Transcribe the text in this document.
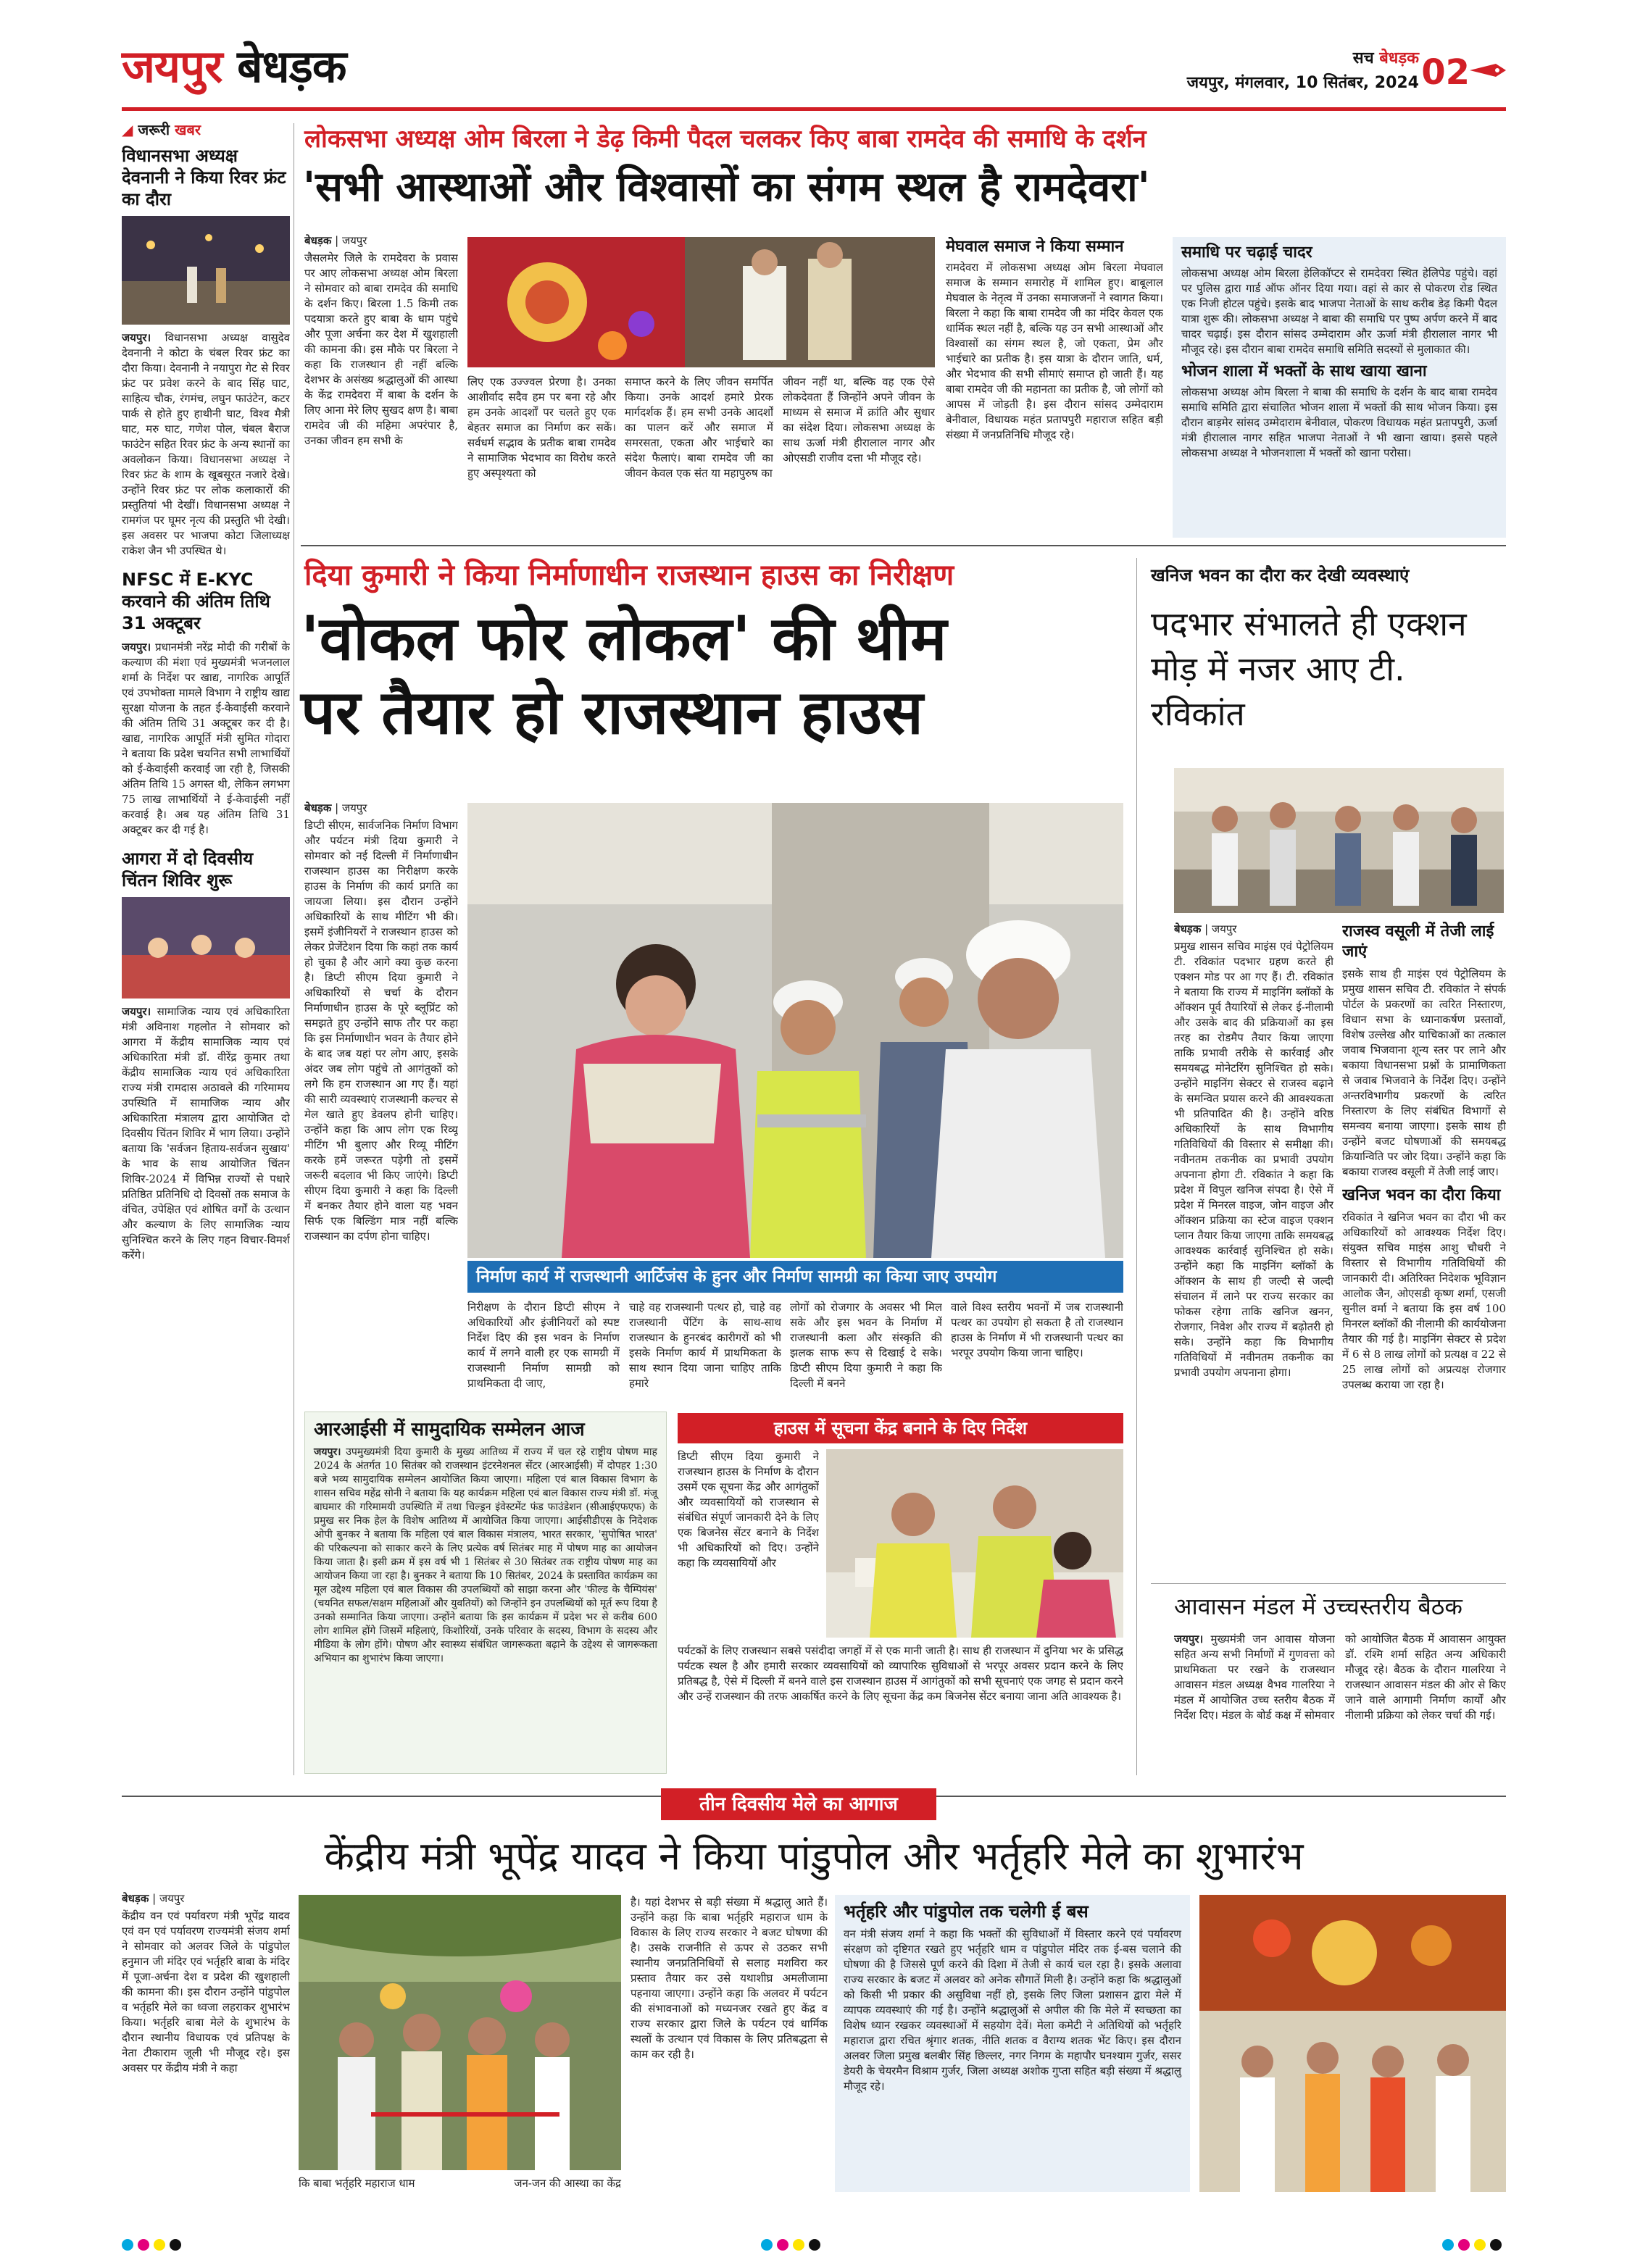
जयपुर बेधड़क	सच बेधड़क
जयपुर, मंगलवार, 10 सितंबर, 2024 02
◢ जरूरी खबर
विधानसभा अध्यक्ष देवनानी ने किया रिवर फ्रंट का दौरा
जयपुर। विधानसभा अध्यक्ष वासुदेव देवनानी ने कोटा के चंबल रिवर फ्रंट का दौरा किया। देवनानी ने नयापुरा गेट से रिवर फ्रंट पर प्रवेश करने के बाद सिंह घाट, साहित्य चौक, रंगमंच, लघुन फाउंटेन, कटर पार्क से होते हुए हाथीनी घाट, विश्व मैत्री घाट, मरु घाट, गणेश पोल, चंबल बैराज फाउंटेन सहित रिवर फ्रंट के अन्य स्थानों का अवलोकन किया। विधानसभा अध्यक्ष ने रिवर फ्रंट के शाम के खूबसूरत नजारे देखे। उन्होंने रिवर फ्रंट पर लोक कलाकारों की प्रस्तुतियां भी देखीं। विधानसभा अध्यक्ष ने रामगंज पर घूमर नृत्य की प्रस्तुति भी देखी। इस अवसर पर भाजपा कोटा जिलाध्यक्ष राकेश जैन भी उपस्थित थे।
NFSC में E-KYC करवाने की अंतिम तिथि 31 अक्टूबर
जयपुर। प्रधानमंत्री नरेंद्र मोदी की गरीबों के कल्याण की मंशा एवं मुख्यमंत्री भजनलाल शर्मा के निर्देश पर खाद्य, नागरिक आपूर्ति एवं उपभोक्ता मामले विभाग ने राष्ट्रीय खाद्य सुरक्षा योजना के तहत ई-केवाईसी करवाने की अंतिम तिथि 31 अक्टूबर कर दी है। खाद्य, नागरिक आपूर्ति मंत्री सुमित गोदारा ने बताया कि प्रदेश चयनित सभी लाभार्थियों को ई-केवाईसी करवाई जा रही है, जिसकी अंतिम तिथि 15 अगस्त थी, लेकिन लगभग 75 लाख लाभार्थियों ने ई-केवाईसी नहीं करवाई है। अब यह अंतिम तिथि 31 अक्टूबर कर दी गई है।
आगरा में दो दिवसीय चिंतन शिविर शुरू
जयपुर। सामाजिक न्याय एवं अधिकारिता मंत्री अविनाश गहलोत ने सोमवार को आगरा में केंद्रीय सामाजिक न्याय एवं अधिकारिता मंत्री डॉ. वीरेंद्र कुमार तथा केंद्रीय सामाजिक न्याय एवं अधिकारिता राज्य मंत्री रामदास अठावले की गरिमामय उपस्थिति में सामाजिक न्याय और अधिकारिता मंत्रालय द्वारा आयोजित दो दिवसीय चिंतन शिविर में भाग लिया। उन्होंने बताया कि 'सर्वजन हिताय-सर्वजन सुखाय' के भाव के साथ आयोजित चिंतन शिविर-2024 में विभिन्न राज्यों से पधारे प्रतिष्ठित प्रतिनिधि दो दिवसों तक समाज के वंचित, उपेक्षित एवं शोषित वर्गों के उत्थान और कल्याण के लिए सामाजिक न्याय सुनिश्चित करने के लिए गहन विचार-विमर्श करेंगे।
लोकसभा अध्यक्ष ओम बिरला ने डेढ़ किमी पैदल चलकर किए बाबा रामदेव की समाधि के दर्शन
'सभी आस्थाओं और विश्वासों का संगम स्थल है रामदेवरा'
बेधड़क | जयपुर
जैसलमेर जिले के रामदेवरा के प्रवास पर आए लोकसभा अध्यक्ष ओम बिरला ने सोमवार को बाबा रामदेव की समाधि के दर्शन किए। बिरला 1.5 किमी तक पदयात्रा करते हुए बाबा के धाम पहुंचे और पूजा अर्चना कर देश में खुशहाली की कामना की। इस मौके पर बिरला ने कहा कि राजस्थान ही नहीं बल्कि देशभर के असंख्य श्रद्धालुओं की आस्था के केंद्र रामदेवरा में बाबा के दर्शन के लिए आना मेरे लिए सुखद क्षण है। बाबा रामदेव जी की महिमा अपरंपार है, उनका जीवन हम सभी के
लिए एक उज्ज्वल प्रेरणा है। उनका आशीर्वाद सदैव हम पर बना रहे और हम उनके आदर्शों पर चलते हुए एक बेहतर समाज का निर्माण कर सकें। सर्वधर्म सद्भाव के प्रतीक बाबा रामदेव ने सामाजिक भेदभाव का विरोध करते हुए अस्पृश्यता को
समाप्त करने के लिए जीवन समर्पित किया। उनके आदर्श हमारे प्रेरक मार्गदर्शक हैं। हम सभी उनके आदर्शों का पालन करें और समाज में समरसता, एकता और भाईचारे का संदेश फैलाएं। बाबा रामदेव जी का जीवन केवल एक संत या महापुरुष का
जीवन नहीं था, बल्कि वह एक ऐसे लोकदेवता हैं जिन्होंने अपने जीवन के माध्यम से समाज में क्रांति और सुधार का संदेश दिया। लोकसभा अध्यक्ष के साथ ऊर्जा मंत्री हीरालाल नागर और ओएसडी राजीव दत्ता भी मौजूद रहे।
मेघवाल समाज ने किया सम्मान
रामदेवरा में लोकसभा अध्यक्ष ओम बिरला मेघवाल समाज के सम्मान समारोह में शामिल हुए। बाबूलाल मेघवाल के नेतृत्व में उनका समाजजनों ने स्वागत किया। बिरला ने कहा कि बाबा रामदेव जी का मंदिर केवल एक धार्मिक स्थल नहीं है, बल्कि यह उन सभी आस्थाओं और विश्वासों का संगम स्थल है, जो एकता, प्रेम और भाईचारे का प्रतीक है। इस यात्रा के दौरान जाति, धर्म, और भेदभाव की सभी सीमाएं समाप्त हो जाती हैं। यह बाबा रामदेव जी की महानता का प्रतीक है, जो लोगों को आपस में जोड़ती है। इस दौरान सांसद उम्मेदाराम बेनीवाल, विधायक महंत प्रतापपुरी महाराज सहित बड़ी संख्या में जनप्रतिनिधि मौजूद रहे।
समाधि पर चढ़ाई चादर
लोकसभा अध्यक्ष ओम बिरला हेलिकॉप्टर से रामदेवरा स्थित हेलिपेड पहुंचे। वहां पर पुलिस द्वारा गार्ड ऑफ ऑनर दिया गया। वहां से कार से पोकरण रोड स्थित एक निजी होटल पहुंचे। इसके बाद भाजपा नेताओं के साथ करीब डेढ़ किमी पैदल यात्रा शुरू की। लोकसभा अध्यक्ष ने बाबा की समाधि पर पुष्प अर्पण करने में बाद चादर चढ़ाई। इस दौरान सांसद उम्मेदाराम और ऊर्जा मंत्री हीरालाल नागर भी मौजूद रहे। इस दौरान बाबा रामदेव समाधि समिति सदस्यों से मुलाकात की।
भोजन शाला में भक्तों के साथ खाया खाना
लोकसभा अध्यक्ष ओम बिरला ने बाबा की समाधि के दर्शन के बाद बाबा रामदेव समाधि समिति द्वारा संचालित भोजन शाला में भक्तों की साथ भोजन किया। इस दौरान बाड़मेर सांसद उम्मेदाराम बेनीवाल, पोकरण विधायक महंत प्रतापपुरी, ऊर्जा मंत्री हीरालाल नागर सहित भाजपा नेताओं ने भी खाना खाया। इससे पहले लोकसभा अध्यक्ष ने भोजनशाला में भक्तों को खाना परोसा।
दिया कुमारी ने किया निर्माणाधीन राजस्थान हाउस का निरीक्षण
'वोकल फोर लोकल' की थीम
पर तैयार हो राजस्थान हाउस
बेधड़क | जयपुर
डिप्टी सीएम, सार्वजनिक निर्माण विभाग और पर्यटन मंत्री दिया कुमारी ने सोमवार को नई दिल्ली में निर्माणाधीन राजस्थान हाउस का निरीक्षण करके हाउस के निर्माण की कार्य प्रगति का जायजा लिया। इस दौरान उन्होंने अधिकारियों के साथ मीटिंग भी की। इसमें इंजीनियरों ने राजस्थान हाउस को लेकर प्रेजेंटेशन दिया कि कहां तक कार्य हो चुका है और आगे क्या कुछ करना है। डिप्टी सीएम दिया कुमारी ने अधिकारियों से चर्चा के दौरान निर्माणाधीन हाउस के पूरे ब्लूप्रिंट को समझते हुए उन्होंने साफ तौर पर कहा कि इस निर्माणाधीन भवन के तैयार होने के बाद जब यहां पर लोग आए, इसके अंदर जब लोग पहुंचे तो आगंतुकों को लगे कि हम राजस्थान आ गए हैं। यहां की सारी व्यवस्थाएं राजस्थानी कल्चर से मेल खाते हुए डेवलप होनी चाहिए। उन्होंने कहा कि आप लोग एक रिव्यू मीटिंग भी बुलाए और रिव्यू मीटिंग करके हमें जरूरत पड़ेगी तो इसमें जरूरी बदलाव भी किए जाएंगे। डिप्टी सीएम दिया कुमारी ने कहा कि दिल्ली में बनकर तैयार होने वाला यह भवन सिर्फ एक बिल्डिंग मात्र नहीं बल्कि राजस्थान का दर्पण होना चाहिए।
निर्माण कार्य में राजस्थानी आर्टिजंस के हुनर और निर्माण सामग्री का किया जाए उपयोग
निरीक्षण के दौरान डिप्टी सीएम ने अधिकारियों और इंजीनियरों को स्पष्ट निर्देश दिए की इस भवन के निर्माण कार्य में लगने वाली हर एक सामग्री में राजस्थानी निर्माण सामग्री को प्राथमिकता दी जाए,
चाहे वह राजस्थानी पत्थर हो, चाहे वह राजस्थानी पेंटिंग के साथ-साथ राजस्थान के हुनरबंद कारीगरों को भी इसके निर्माण कार्य में प्राथमिकता के साथ स्थान दिया जाना चाहिए ताकि हमारे
लोगों को रोजगार के अवसर भी मिल सके और इस भवन के निर्माण में राजस्थानी कला और संस्कृति की झलक साफ रूप से दिखाई दे सके। डिप्टी सीएम दिया कुमारी ने कहा कि दिल्ली में बनने
वाले विश्व स्तरीय भवनों में जब राजस्थानी पत्थर का उपयोग हो सकता है तो राजस्थान हाउस के निर्माण में भी राजस्थानी पत्थर का भरपूर उपयोग किया जाना चाहिए।
आरआईसी में सामुदायिक सम्मेलन आज
जयपुर। उपमुख्यमंत्री दिया कुमारी के मुख्य आतिथ्य में राज्य में चल रहे राष्ट्रीय पोषण माह 2024 के अंतर्गत 10 सितंबर को राजस्थान इंटरनेशनल सेंटर (आरआईसी) में दोपहर 1:30 बजे भव्य सामुदायिक सम्मेलन आयोजित किया जाएगा। महिला एवं बाल विकास विभाग के शासन सचिव महेंद्र सोनी ने बताया कि यह कार्यक्रम महिला एवं बाल विकास राज्य मंत्री डॉ. मंजू बाघमार की गरिमामयी उपस्थिति में तथा चिल्ड्रन इंवेस्टमेंट फंड फाउंडेशन (सीआईएफएफ) के प्रमुख सर निक हेल के विशेष आतिथ्य में आयोजित किया जाएगा। आईसीडीएस के निदेशक ओपी बुनकर ने बताया कि महिला एवं बाल विकास मंत्रालय, भारत सरकार, 'सुपोषित भारत' की परिकल्पना को साकार करने के लिए प्रत्येक वर्ष सितंबर माह में पोषण माह का आयोजन किया जाता है। इसी क्रम में इस वर्ष भी 1 सितंबर से 30 सितंबर तक राष्ट्रीय पोषण माह का आयोजन किया जा रहा है। बुनकर ने बताया कि 10 सितंबर, 2024 के प्रस्तावित कार्यक्रम का मूल उद्देश्य महिला एवं बाल विकास की उपलब्धियों को साझा करना और 'फील्ड के चैम्पियंस' (चयनित सफल/सक्षम महिलाओं और युवतियों) को जिन्होंने इन उपलब्धियों को मूर्त रूप दिया है उनको सम्मानित किया जाएगा। उन्होंने बताया कि इस कार्यक्रम में प्रदेश भर से करीब 600 लोग शामिल होंगे जिसमें महिलाएं, किशोरियों, उनके परिवार के सदस्य, विभाग के सदस्य और मीडिया के लोग होंगे। पोषण और स्वास्थ्य संबंधित जागरूकता बढ़ाने के उद्देश्य से जागरूकता अभियान का शुभारंभ किया जाएगा।
हाउस में सूचना केंद्र बनाने के दिए निर्देश
डिप्टी सीएम दिया कुमारी ने राजस्थान हाउस के निर्माण के दौरान उसमें एक सूचना केंद्र और आगंतुकों और व्यवसायियों को राजस्थान से संबंधित संपूर्ण जानकारी देने के लिए एक बिजनेस सेंटर बनाने के निर्देश भी अधिकारियों को दिए। उन्होंने कहा कि व्यवसायियों और
पर्यटकों के लिए राजस्थान सबसे पसंदीदा जगहों में से एक मानी जाती है। साथ ही राजस्थान में दुनिया भर के प्रसिद्ध पर्यटक स्थल है और हमारी सरकार व्यवसायियों को व्यापारिक सुविधाओं से भरपूर अवसर प्रदान करने के लिए प्रतिबद्ध है, ऐसे में दिल्ली में बनने वाले इस राजस्थान हाउस में आगंतुकों को सभी सूचनाएं एक जगह से प्रदान करने और उन्हें राजस्थान की तरफ आकर्षित करने के लिए सूचना केंद्र कम बिजनेस सेंटर बनाया जाना अति आवश्यक है।
खनिज भवन का दौरा कर देखी व्यवस्थाएं
पदभार संभालते ही एक्शन मोड़ में नजर आए टी. रविकांत
बेधड़क | जयपुर
प्रमुख शासन सचिव माइंस एवं पेट्रोलियम टी. रविकांत पदभार ग्रहण करते ही एक्शन मोड पर आ गए हैं। टी. रविकांत ने बताया कि राज्य में माइनिंग ब्लॉकों के ऑक्शन पूर्व तैयारियों से लेकर ई-नीलामी और उसके बाद की प्रक्रियाओं का इस तरह का रोडमैप तैयार किया जाएगा ताकि प्रभावी तरीके से कार्रवाई और समयबद्ध मोनेटरिंग सुनिश्चित हो सके। उन्होंने माइनिंग सेक्टर से राजस्व बढ़ाने के समन्वित प्रयास करने की आवश्यकता भी प्रतिपादित की है। उन्होंने वरिष्ठ अधिकारियों के साथ विभागीय गतिविधियों की विस्तार से समीक्षा की। नवीनतम तकनीक का प्रभावी उपयोग अपनाना होगा टी. रविकांत ने कहा कि प्रदेश में विपुल खनिज संपदा है। ऐसे में प्रदेश में मिनरल वाइज, जोन वाइज और ऑक्शन प्रक्रिया का स्टेज वाइज एक्शन प्लान तैयार किया जाएगा ताकि समयबद्ध आवश्यक कार्रवाई सुनिश्चित हो सके। उन्होंने कहा कि माइनिंग ब्लॉकों के ऑक्शन के साथ ही जल्दी से जल्दी संचालन में लाने पर राज्य सरकार का फोकस रहेगा ताकि खनिज खनन, रोजगार, निवेश और राज्य में बढ़ोतरी हो सके। उन्होंने कहा कि विभागीय गतिविधियों में नवीनतम तकनीक का प्रभावी उपयोग अपनाना होगा।
राजस्व वसूली में तेजी लाई जाएं
इसके साथ ही माइंस एवं पेट्रोलियम के प्रमुख शासन सचिव टी. रविकांत ने संपर्क पोर्टल के प्रकरणों का त्वरित निस्तारण, विधान सभा के ध्यानाकर्षण प्रस्तावों, विशेष उल्लेख और याचिकाओं का तत्काल जवाब भिजवाना शून्य स्तर पर लाने और बकाया विधानसभा प्रश्नों के प्रामाणिकता से जवाब भिजवाने के निर्देश दिए। उन्होंने अन्तरविभागीय प्रकरणों के त्वरित निस्तारण के लिए संबंधित विभागों से समन्वय बनाया जाएगा। इसके साथ ही उन्होंने बजट घोषणाओं की समयबद्ध क्रियान्विति पर जोर दिया। उन्होंने कहा कि बकाया राजस्व वसूली में तेजी लाई जाए।
खनिज भवन का दौरा किया
रविकांत ने खनिज भवन का दौरा भी कर अधिकारियों को आवश्यक निर्देश दिए। संयुक्त सचिव माइंस आशु चौधरी ने विस्तार से विभागीय गतिविधियों की जानकारी दी। अतिरिक्त निदेशक भूविज्ञान आलोक जैन, ओएसडी कृष्ण शर्मा, एसजी सुनील वर्मा ने बताया कि इस वर्ष 100 मिनरल ब्लॉकों की नीलामी की कार्ययोजना तैयार की गई है। माइनिंग सेक्टर से प्रदेश में 6 से 8 लाख लोगों को प्रत्यक्ष व 22 से 25 लाख लोगों को अप्रत्यक्ष रोजगार उपलब्ध कराया जा रहा है।
आवासन मंडल में उच्चस्तरीय बैठक
जयपुर। मुख्यमंत्री जन आवास योजना सहित अन्य सभी निर्माणों में गुणवत्ता को प्राथमिकता पर रखने के राजस्थान आवासन मंडल अध्यक्ष वैभव गालरिया ने मंडल में आयोजित उच्च स्तरीय बैठक में निर्देश दिए। मंडल के बोर्ड कक्ष में सोमवार
को आयोजित बैठक में आवासन आयुक्त डॉ. रश्मि शर्मा सहित अन्य अधिकारी मौजूद रहे। बैठक के दौरान गालरिया ने राजस्थान आवासन मंडल की ओर से किए जाने वाले आगामी निर्माण कार्यों और नीलामी प्रक्रिया को लेकर चर्चा की गई।
तीन दिवसीय मेले का आगाज
केंद्रीय मंत्री भूपेंद्र यादव ने किया पांडुपोल और भर्तृहरि मेले का शुभारंभ
बेधड़क | जयपुर
केंद्रीय वन एवं पर्यावरण मंत्री भूपेंद्र यादव एवं वन एवं पर्यावरण राज्यमंत्री संजय शर्मा ने सोमवार को अलवर जिले के पांडुपोल हनुमान जी मंदिर एवं भर्तृहरि बाबा के मंदिर में पूजा-अर्चना देश व प्रदेश की खुशहाली की कामना की। इस दौरान उन्होंने पांडुपोल व भर्तृहरि मेले का ध्वजा लहराकर शुभारंभ किया। भर्तृहरि बाबा मेले के शुभारंभ के दौरान स्थानीय विधायक एवं प्रतिपक्ष के नेता टीकाराम जूली भी मौजूद रहे। इस अवसर पर केंद्रीय मंत्री ने कहा
कि बाबा भर्तृहरि महाराज धाम	जन-जन की आस्था का केंद्र
है। यहां देशभर से बड़ी संख्या में श्रद्धालु आते हैं। उन्होंने कहा कि बाबा भर्तृहरि महाराज धाम के विकास के लिए राज्य सरकार ने बजट घोषणा की है। उसके राजनीति से ऊपर से उठकर सभी स्थानीय जनप्रतिनिधियों से सलाह मशविरा कर प्रस्ताव तैयार कर उसे यथाशीघ्र अमलीजामा पहनाया जाएगा। उन्होंने कहा कि अलवर में पर्यटन की संभावनाओं को मध्यनजर रखते हुए केंद्र व राज्य सरकार द्वारा जिले के पर्यटन एवं धार्मिक स्थलों के उत्थान एवं विकास के लिए प्रतिबद्धता से काम कर रही है।
भर्तृहरि और पांडुपोल तक चलेगी ई बस
वन मंत्री संजय शर्मा ने कहा कि भक्तों की सुविधाओं में विस्तार करने एवं पर्यावरण संरक्षण को दृष्टिगत रखते हुए भर्तृहरि धाम व पांडुपोल मंदिर तक ई-बस चलाने की घोषणा की है जिससे पूर्ण करने की दिशा में तेजी से कार्य चल रहा है। इसके अलावा राज्य सरकार के बजट में अलवर को अनेक सौगातें मिली है। उन्होंने कहा कि श्रद्धालुओं को किसी भी प्रकार की असुविधा नहीं हो, इसके लिए जिला प्रशासन द्वारा मेले में व्यापक व्यवस्थाएं की गई है। उन्होंने श्रद्धालुओं से अपील की कि मेले में स्वच्छता का विशेष ध्यान रखकर व्यवस्थाओं में सहयोग देवें। मेला कमेटी ने अतिथियों को भर्तृहरि महाराज द्वारा रचित श्रृंगार शतक, नीति शतक व वैराग्य शतक भेंट किए। इस दौरान अलवर जिला प्रमुख बलबीर सिंह छिल्लर, नगर निगम के महापौर घनश्याम गुर्जर, ससर डेयरी के चेयरमैन विश्राम गुर्जर, जिला अध्यक्ष अशोक गुप्ता सहित बड़ी संख्या में श्रद्धालु मौजूद रहे।
